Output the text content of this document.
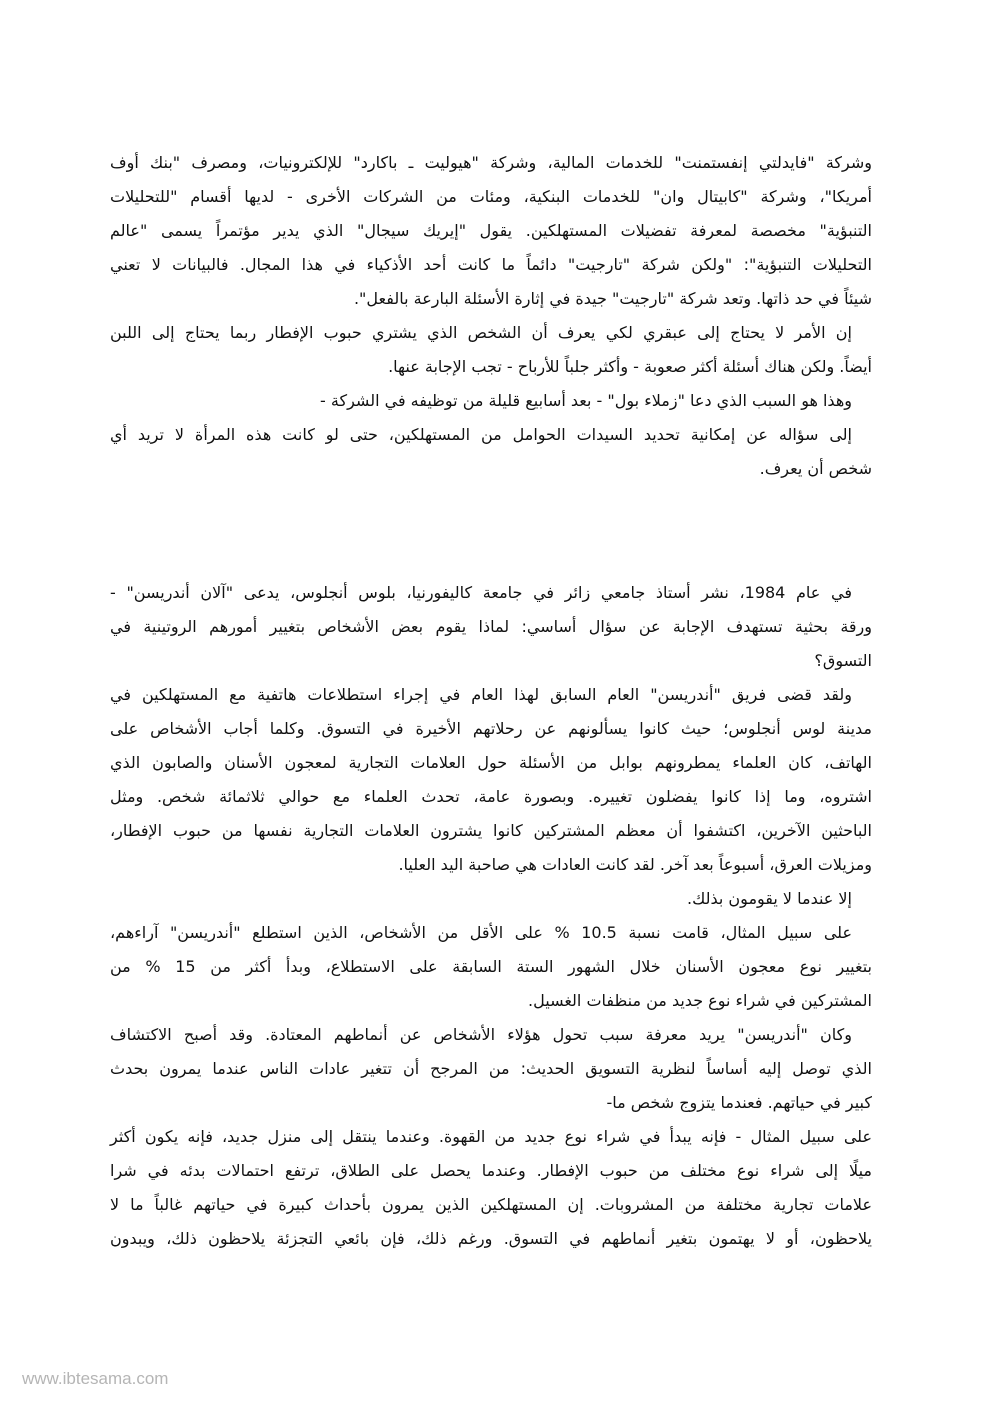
وشركة "فايدلتي إنفستمنت" للخدمات المالية، وشركة "هيوليت ـ باكارد" للإلكترونيات، ومصرف "بنك أوف
أمريكا"، وشركة "كابيتال وان" للخدمات البنكية، ومئات من الشركات الأخرى - لديها أقسام "للتحليلات
التنبؤية" مخصصة لمعرفة تفضيلات المستهلكين. يقول "إيريك سيجال" الذي يدير مؤتمراً يسمى "عالم
التحليلات التنبؤية": "ولكن شركة "تارجيت" دائماً ما كانت أحد الأذكياء في هذا المجال. فالبيانات لا تعني
شيئاً في حد ذاتها. وتعد شركة "تارجيت" جيدة في إثارة الأسئلة البارعة بالفعل".
إن الأمر لا يحتاج إلى عبقري لكي يعرف أن الشخص الذي يشتري حبوب الإفطار ربما يحتاج إلى اللبن
أيضاً. ولكن هناك أسئلة أكثر صعوبة - وأكثر جلباً للأرباح - تجب الإجابة عنها.
وهذا هو السبب الذي دعا "زملاء بول" - بعد أسابيع قليلة من توظيفه في الشركة -
إلى سؤاله عن إمكانية تحديد السيدات الحوامل من المستهلكين، حتى لو كانت هذه المرأة لا تريد أي
شخص أن يعرف.
في عام 1984، نشر أستاذ جامعي زائر في جامعة كاليفورنيا، بلوس أنجلوس، يدعى "آلان أندريسن" -
ورقة بحثية تستهدف الإجابة عن سؤال أساسي: لماذا يقوم بعض الأشخاص بتغيير أمورهم الروتينية في
التسوق؟
ولقد قضى فريق "أندريسن" العام السابق لهذا العام في إجراء استطلاعات هاتفية مع المستهلكين في
مدينة لوس أنجلوس؛ حيث كانوا يسألونهم عن رحلاتهم الأخيرة في التسوق. وكلما أجاب الأشخاص على
الهاتف، كان العلماء يمطرونهم بوابل من الأسئلة حول العلامات التجارية لمعجون الأسنان والصابون الذي
اشتروه، وما إذا كانوا يفضلون تغييره. وبصورة عامة، تحدث العلماء مع حوالي ثلاثمائة شخص. ومثل
الباحثين الآخرين، اكتشفوا أن معظم المشتركين كانوا يشترون العلامات التجارية نفسها من حبوب الإفطار،
ومزيلات العرق، أسبوعاً بعد آخر. لقد كانت العادات هي صاحبة اليد العليا.
إلا عندما لا يقومون بذلك.
على سبيل المثال، قامت نسبة 10.5 % على الأقل من الأشخاص، الذين استطلع "أندريسن" آراءهم،
بتغيير نوع معجون الأسنان خلال الشهور الستة السابقة على الاستطلاع، وبدأ أكثر من 15 % من
المشتركين في شراء نوع جديد من منظفات الغسيل.
وكان "أندريسن" يريد معرفة سبب تحول هؤلاء الأشخاص عن أنماطهم المعتادة. وقد أصبح الاكتشاف
الذي توصل إليه أساساً لنظرية التسويق الحديث: من المرجح أن تتغير عادات الناس عندما يمرون بحدث
كبير في حياتهم. فعندما يتزوج شخص ما-
على سبيل المثال - فإنه يبدأ في شراء نوع جديد من القهوة. وعندما ينتقل إلى منزل جديد، فإنه يكون أكثر
ميلًا إلى شراء نوع مختلف من حبوب الإفطار. وعندما يحصل على الطلاق، ترتفع احتمالات بدئه في شرا
علامات تجارية مختلفة من المشروبات. إن المستهلكين الذين يمرون بأحداث كبيرة في حياتهم غالباً ما لا
يلاحظون، أو لا يهتمون بتغير أنماطهم في التسوق. ورغم ذلك، فإن بائعي التجزئة يلاحظون ذلك، ويبدون
www.ibtesama.com
